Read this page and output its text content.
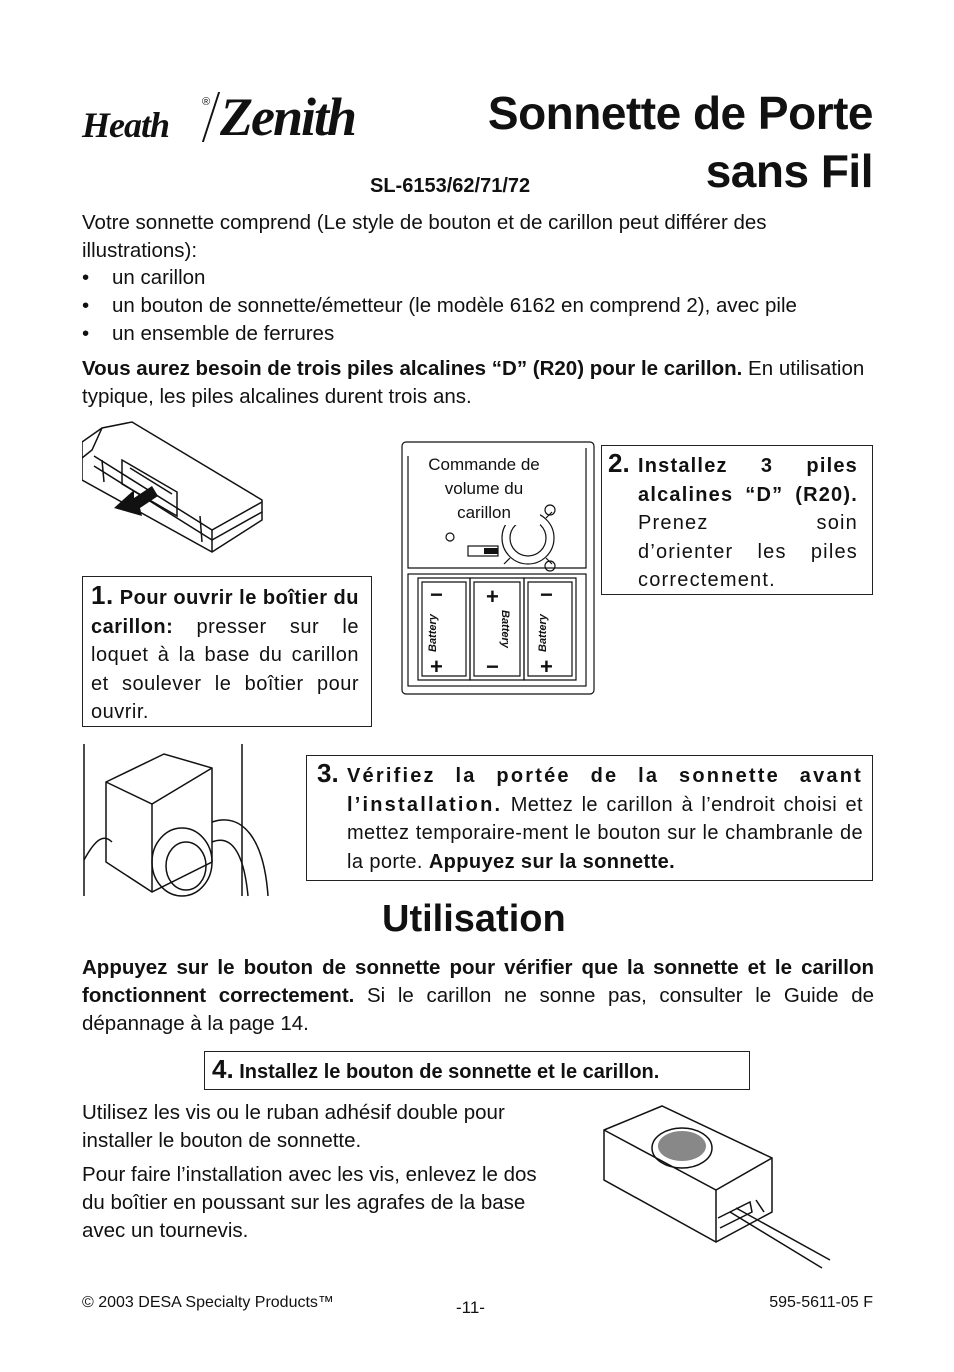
Heath
® Zenith	Sonnette de Porte
sans Fil
SL-6153/62/71/72
Votre sonnette comprend (Le style de bouton et de carillon peut différer des illustrations):
• un carillon
• un bouton de sonnette/émetteur (le modèle 6162 en comprend 2), avec pile
• un ensemble de ferrures
Vous aurez besoin de trois piles alcalines “D” (R20) pour le carillon. En utilisation typique, les piles alcalines durent trois ans.
1. Pour ouvrir le boîtier du carillon: presser sur le loquet à la base du carillon et soulever le boîtier pour ouvrir.
−
+
+
−
−
+
Battery	Battery Battery
Commande de volume du carillon
2. Installez 3 piles alcalines “D” (R20). Prenez soin d’orienter les piles correctement.
3. Vérifiez la portée de la sonnette avant l’installation. Mettez le carillon à l’endroit choisi et mettez temporaire-ment le bouton sur le chambranle de la porte. Appuyez sur la sonnette.
Utilisation
Appuyez sur le bouton de sonnette pour vérifier que la sonnette et le carillon fonctionnent correctement. Si le carillon ne sonne pas, consulter le Guide de dépannage à la page 14.
4. Installez le bouton de sonnette et le carillon.
Utilisez les vis ou le ruban adhésif double pour installer le bouton de sonnette.
Pour faire l’installation avec les vis, enlevez le dos du boîtier en poussant sur les agrafes de la base avec un tournevis.
© 2003 DESA Specialty Products™	-11-	595-5611-05 F
